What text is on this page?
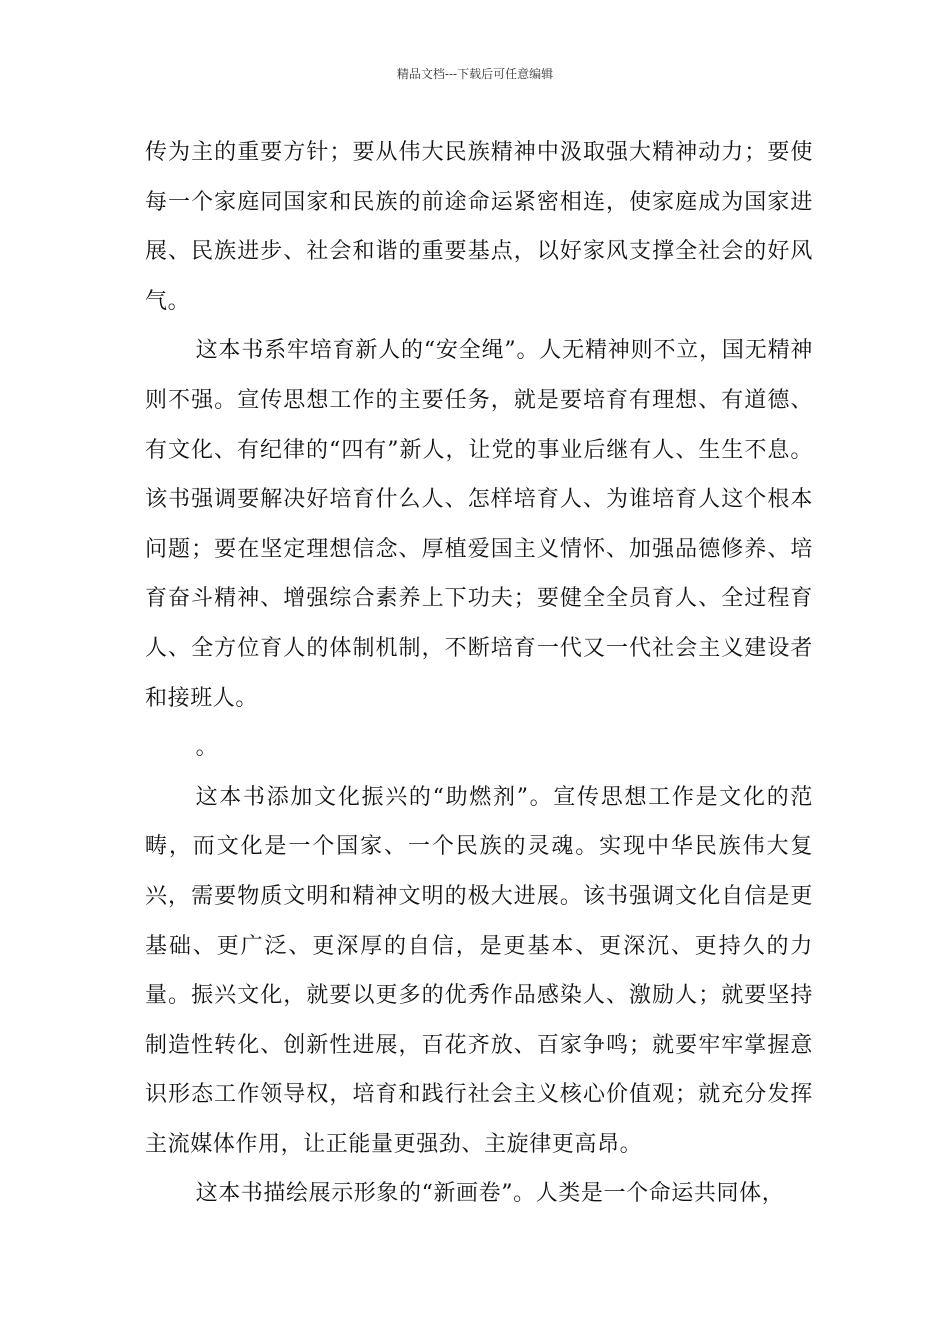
精品文档---下载后可任意编辑

传为主的重要方针；要从伟大民族精神中汲取强大精神动力；要使每一个家庭同国家和民族的前途命运紧密相连，使家庭成为国家进展、民族进步、社会和谐的重要基点，以好家风支撑全社会的好风气。

这本书系牢培育新人的“安全绳”。人无精神则不立，国无精神则不强。宣传思想工作的主要任务，就是要培育有理想、有道德、有文化、有纪律的“四有”新人，让党的事业后继有人、生生不息。该书强调要解决好培育什么人、怎样培育人、为谁培育人这个根本问题；要在坚定理想信念、厚植爱国主义情怀、加强品德修养、培育奋斗精神、增强综合素养上下功夫；要健全全员育人、全过程育人、全方位育人的体制机制，不断培育一代又一代社会主义建设者和接班人。

。

这本书添加文化振兴的“助燃剂”。宣传思想工作是文化的范畴，而文化是一个国家、一个民族的灵魂。实现中华民族伟大复兴，需要物质文明和精神文明的极大进展。该书强调文化自信是更基础、更广泛、更深厚的自信，是更基本、更深沉、更持久的力量。振兴文化，就要以更多的优秀作品感染人、激励人；就要坚持制造性转化、创新性进展，百花齐放、百家争鸣；就要牢牢掌握意识形态工作领导权，培育和践行社会主义核心价值观；就充分发挥主流媒体作用，让正能量更强劲、主旋律更高昂。

这本书描绘展示形象的“新画卷”。人类是一个命运共同体，
